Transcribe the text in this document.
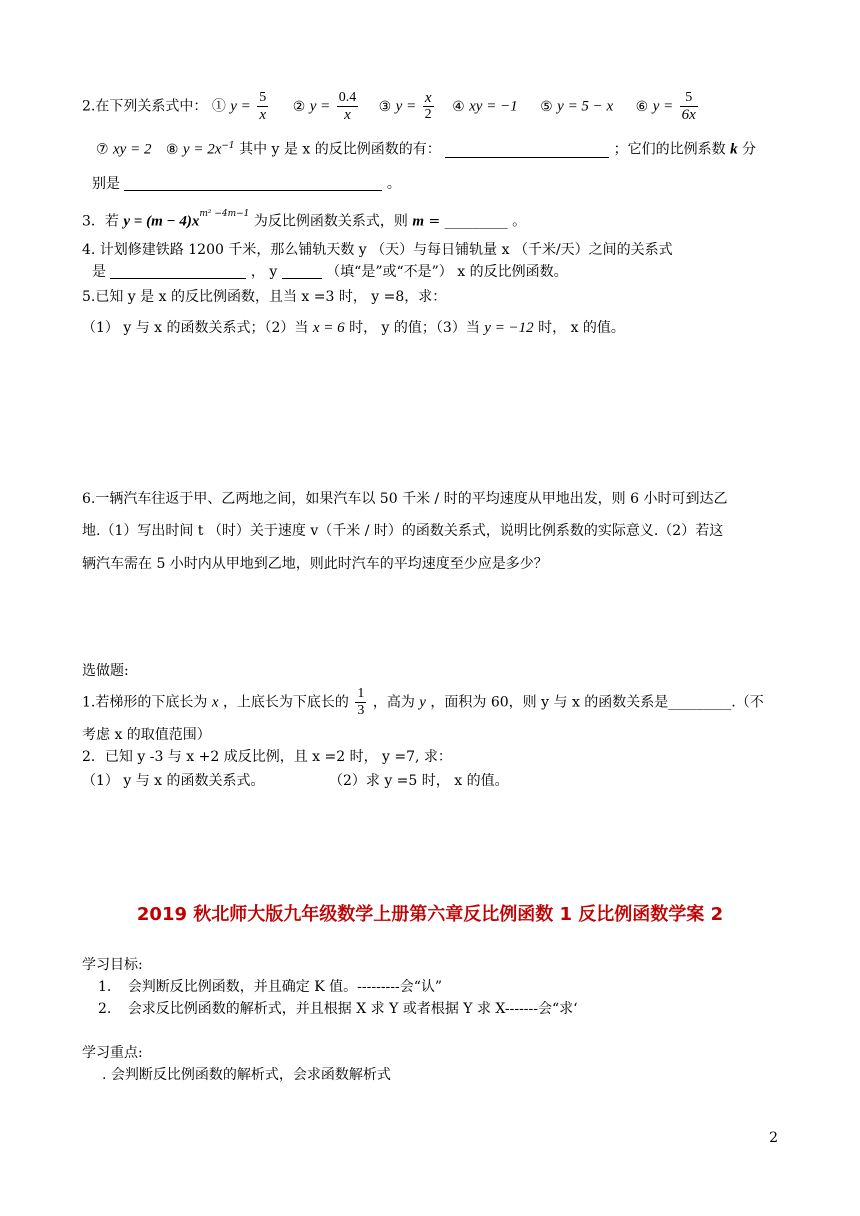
2.在下列关系式中： ① $y = \frac{5}{x}$ ② $y = \frac{0.4}{x}$ ③ $y = \frac{x}{2}$ ④ xy = −1 ⑤ y = 5 − x ⑥ $y = \frac{5}{6x}$
⑦ xy = 2 ⑧ $y = 2x^{-1}$ 其中 y 是 x 的反比例函数的有：	；它们的比例系数 k 分
别是	。
3．若 $y = (m - 4)x^{m^2 -4m-1}$ 为反比例函数关系式，则 m = _________ 。
4. 计划修建铁路 1200 千米，那么铺轨天数 y （天）与每日铺轨量 x （千米/天）之间的关系式
是	， y	（填“是”或“不是”） x 的反比例函数。
5.已知 y 是 x 的反比例函数，且当 x =3 时， y =8，求：
（1） y 与 x 的函数关系式；（2）当 x = 6 时， y 的值；（3）当 y = −12 时， x 的值。
6.一辆汽车往返于甲、乙两地之间，如果汽车以 50 千米 / 时的平均速度从甲地出发，则 6 小时可到达乙
地.（1）写出时间 t （时）关于速度 v（千米 / 时）的函数关系式，说明比例系数的实际意义.（2）若这
辆汽车需在 5 小时内从甲地到乙地，则此时汽车的平均速度至少应是多少？
选做题:
1.若梯形的下底长为 x ，上底长为下底长的 $\frac{1}{3}$ ，高为 y ，面积为 60，则 y 与 x 的函数关系是_________.（不
考虑 x 的取值范围）
2．已知 y -3 与 x +2 成反比例，且 x =2 时， y =7, 求：
（1） y 与 x 的函数关系式。	（2）求 y =5 时， x 的值。
2019 秋北师大版九年级数学上册第六章反比例函数 1 反比例函数学案 2
学习目标:
1. 会判断反比例函数，并且确定 K 值。---------会“认”
2. 会求反比例函数的解析式，并且根据 X 求 Y 或者根据 Y 求 X-------会“求‘
学习重点:
. 会判断反比例函数的解析式，会求函数解析式
2
